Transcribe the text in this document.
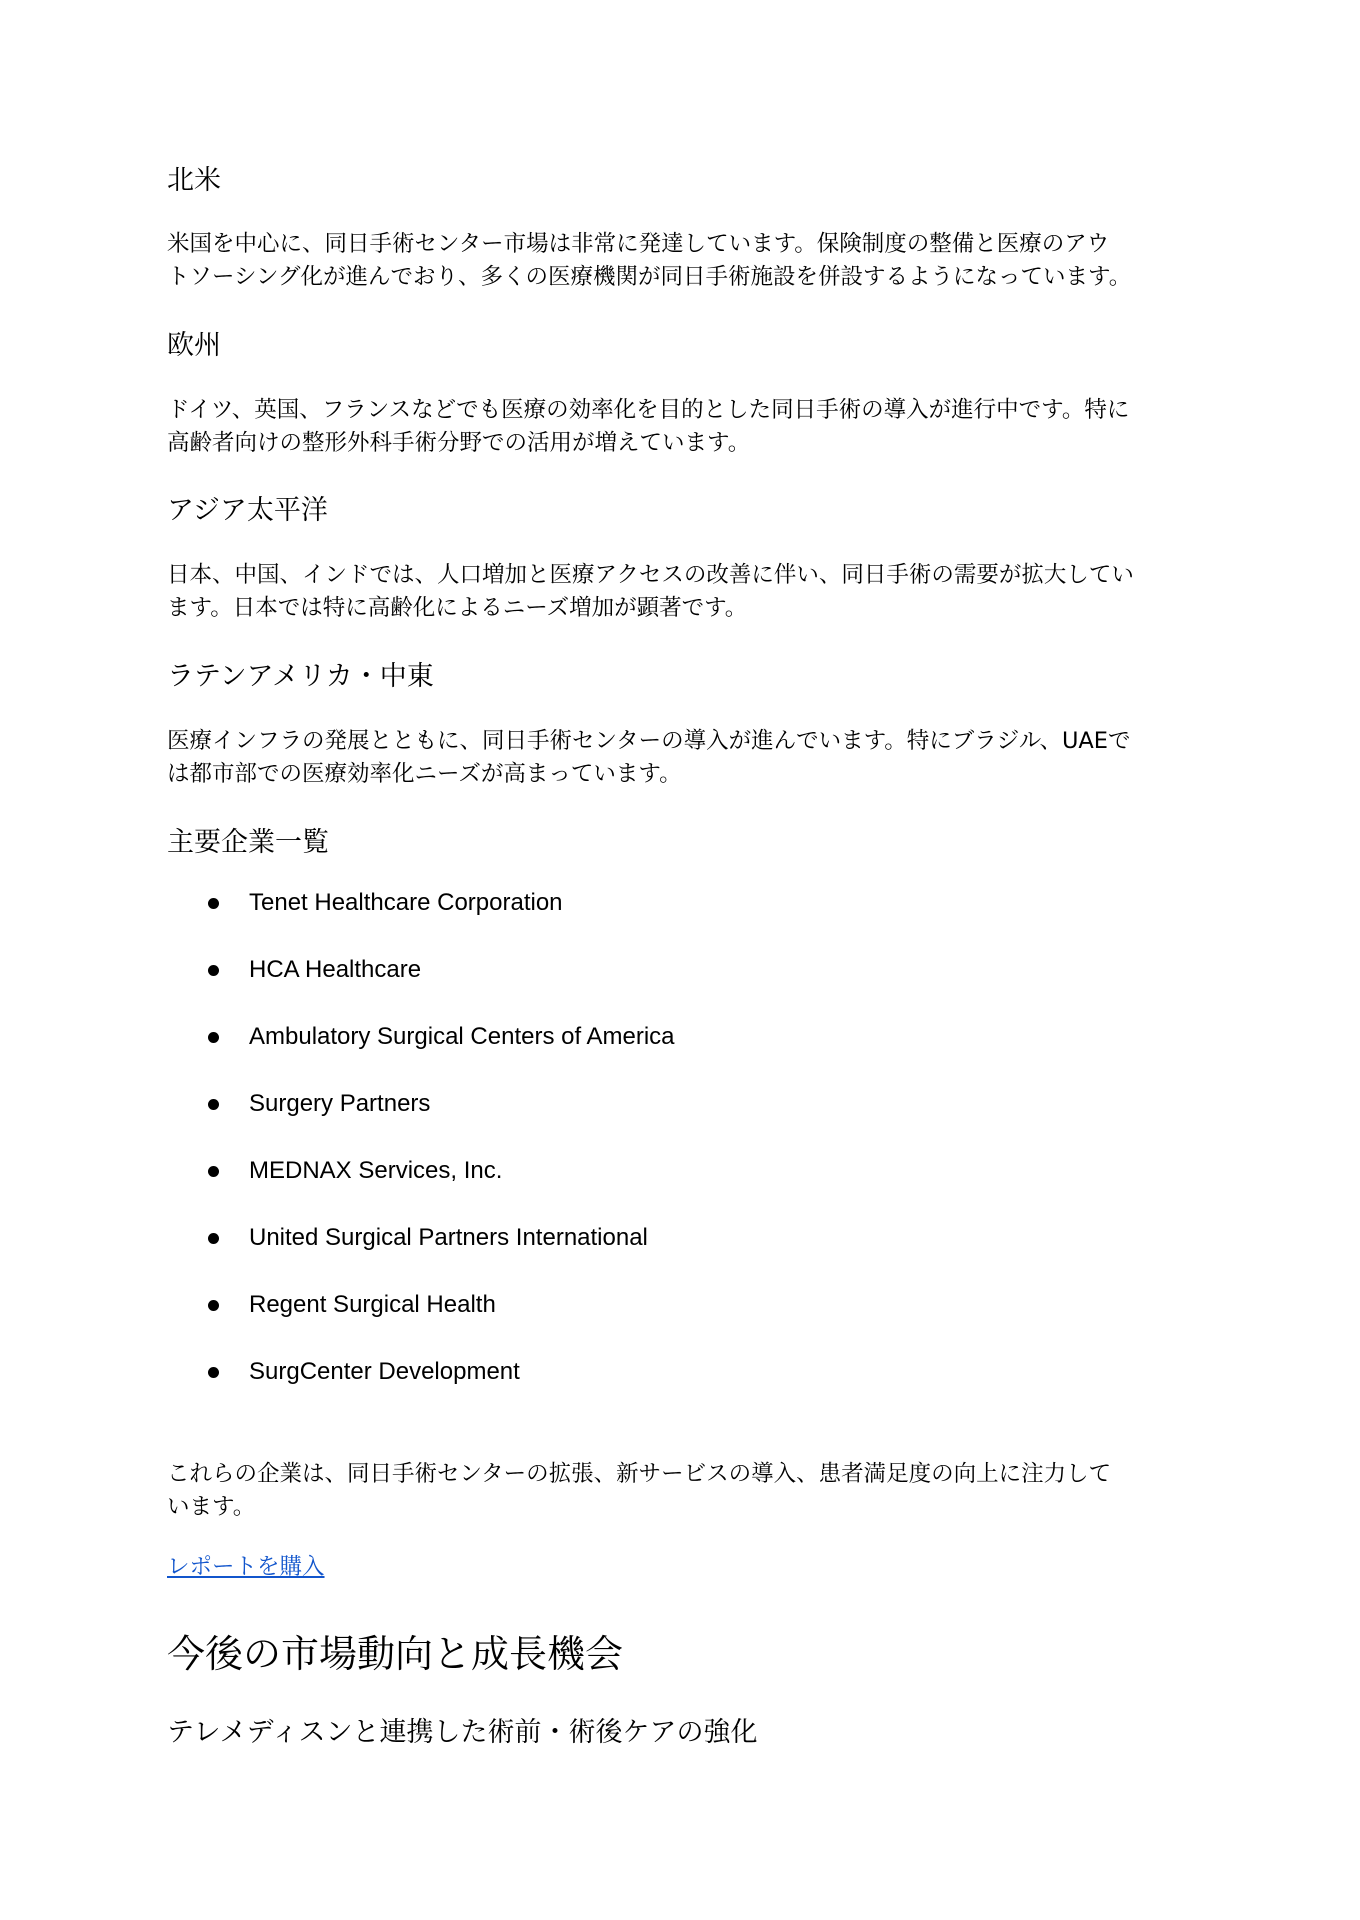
北米

米国を中心に、同日手術センター市場は非常に発達しています。保険制度の整備と医療のアウ
トソーシング化が進んでおり、多くの医療機関が同日手術施設を併設するようになっています。

欧州

ドイツ、英国、フランスなどでも医療の効率化を目的とした同日手術の導入が進行中です。特に
高齢者向けの整形外科手術分野での活用が増えています。

アジア太平洋

日本、中国、インドでは、人口増加と医療アクセスの改善に伴い、同日手術の需要が拡大してい
ます。日本では特に高齢化によるニーズ増加が顕著です。

ラテンアメリカ・中東

医療インフラの発展とともに、同日手術センターの導入が進んでいます。特にブラジル、UAEで
は都市部での医療効率化ニーズが高まっています。

主要企業一覧
Tenet Healthcare Corporation
HCA Healthcare
Ambulatory Surgical Centers of America
Surgery Partners
MEDNAX Services, Inc.
United Surgical Partners International
Regent Surgical Health
SurgCenter Development

これらの企業は、同日手術センターの拡張、新サービスの導入、患者満足度の向上に注力して
います。

レポートを購入
今後の市場動向と成長機会
テレメディスンと連携した術前・術後ケアの強化
